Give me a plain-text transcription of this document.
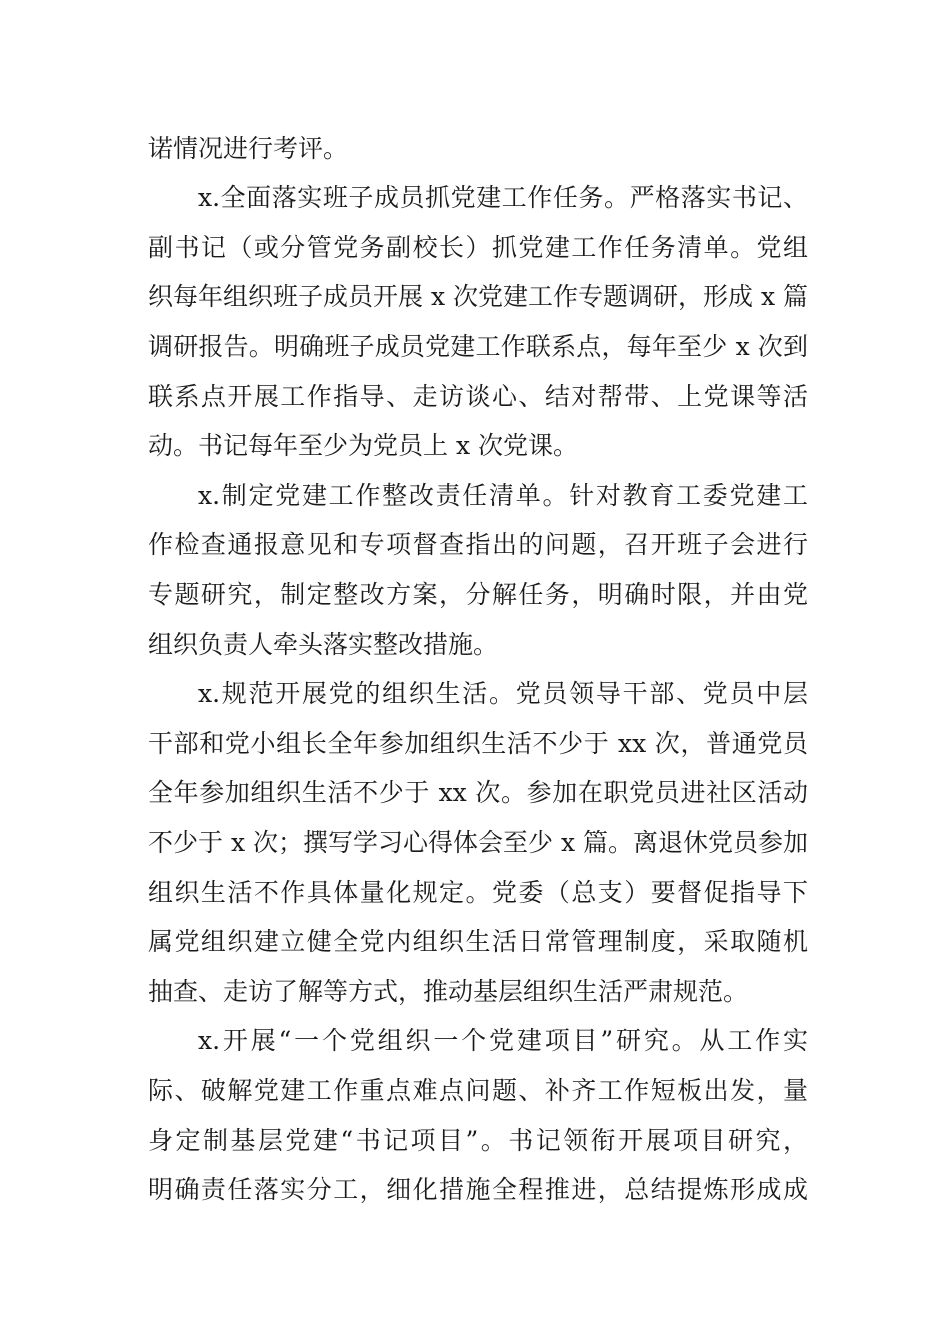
诺情况进行考评。
x.全面落实班子成员抓党建工作任务。严格落实书记、
副书记（或分管党务副校长）抓党建工作任务清单。党组
织每年组织班子成员开展 x 次党建工作专题调研，形成 x 篇
调研报告。明确班子成员党建工作联系点，每年至少 x 次到
联系点开展工作指导、走访谈心、结对帮带、上党课等活
动。书记每年至少为党员上 x 次党课。
x.制定党建工作整改责任清单。针对教育工委党建工
作检查通报意见和专项督查指出的问题，召开班子会进行
专题研究，制定整改方案，分解任务，明确时限，并由党
组织负责人牵头落实整改措施。
x.规范开展党的组织生活。党员领导干部、党员中层
干部和党小组长全年参加组织生活不少于 xx 次，普通党员
全年参加组织生活不少于 xx 次。参加在职党员进社区活动
不少于 x 次；撰写学习心得体会至少 x 篇。离退休党员参加
组织生活不作具体量化规定。党委（总支）要督促指导下
属党组织建立健全党内组织生活日常管理制度，采取随机
抽查、走访了解等方式，推动基层组织生活严肃规范。
x.开展“一个党组织一个党建项目”研究。从工作实
际、破解党建工作重点难点问题、补齐工作短板出发，量
身定制基层党建“书记项目”。书记领衔开展项目研究，
明确责任落实分工，细化措施全程推进，总结提炼形成成
